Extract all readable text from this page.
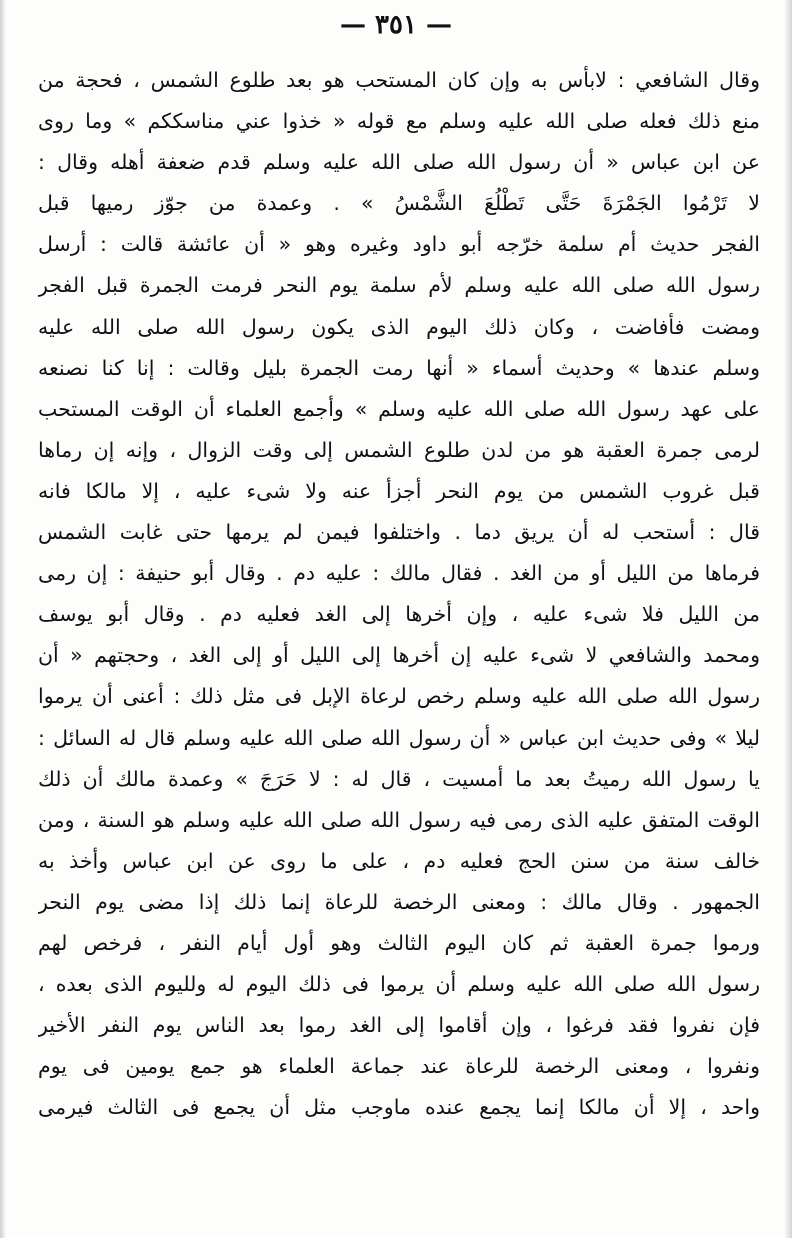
— ٣٥١ —
وقال الشافعي : لابأس به وإن كان المستحب هو بعد طلوع الشمس ، فحجة من
منع ذلك فعله صلى الله عليه وسلم مع قوله « خذوا عني مناسككم » وما روى
عن ابن عباس « أن رسول الله صلى الله عليه وسلم قدم ضعفة أهله وقال :
لا تَرْمُوا الجَمْرَةَ حَتَّى تَطْلُعَ الشَّمْسُ » . وعمدة من جوّز رميها قبل
الفجر حديث أم سلمة خرّجه أبو داود وغيره وهو « أن عائشة قالت : أرسل
رسول الله صلى الله عليه وسلم لأم سلمة يوم النحر فرمت الجمرة قبل الفجر
ومضت فأفاضت ، وكان ذلك اليوم الذى يكون رسول الله صلى الله عليه
وسلم عندها » وحديث أسماء « أنها رمت الجمرة بليل وقالت : إنا كنا نصنعه
على عهد رسول الله صلى الله عليه وسلم » وأجمع العلماء أن الوقت المستحب
لرمى جمرة العقبة هو من لدن طلوع الشمس إلى وقت الزوال ، وإنه إن رماها
قبل غروب الشمس من يوم النحر أجزأ عنه ولا شىء عليه ، إلا مالكا فانه
قال : أستحب له أن يريق دما . واختلفوا فيمن لم يرمها حتى غابت الشمس
فرماها من الليل أو من الغد . فقال مالك : عليه دم . وقال أبو حنيفة : إن رمى
من الليل فلا شىء عليه ، وإن أخرها إلى الغد فعليه دم . وقال أبو يوسف
ومحمد والشافعي لا شىء عليه إن أخرها إلى الليل أو إلى الغد ، وحجتهم « أن
رسول الله صلى الله عليه وسلم رخص لرعاة الإبل فى مثل ذلك : أعنى أن يرموا
ليلا » وفى حديث ابن عباس « أن رسول الله صلى الله عليه وسلم قال له السائل :
يا رسول الله رميتُ بعد ما أمسيت ، قال له : لا حَرَجَ » وعمدة مالك أن ذلك
الوقت المتفق عليه الذى رمى فيه رسول الله صلى الله عليه وسلم هو السنة ، ومن
خالف سنة من سنن الحج فعليه دم ، على ما روى عن ابن عباس وأخذ به
الجمهور . وقال مالك : ومعنى الرخصة للرعاة إنما ذلك إذا مضى يوم النحر
ورموا جمرة العقبة ثم كان اليوم الثالث وهو أول أيام النفر ، فرخص لهم
رسول الله صلى الله عليه وسلم أن يرموا فى ذلك اليوم له ولليوم الذى بعده ،
فإن نفروا فقد فرغوا ، وإن أقاموا إلى الغد رموا بعد الناس يوم النفر الأخير
ونفروا ، ومعنى الرخصة للرعاة عند جماعة العلماء هو جمع يومين فى يوم
واحد ، إلا أن مالكا إنما يجمع عنده ماوجب مثل أن يجمع فى الثالث فيرمى
